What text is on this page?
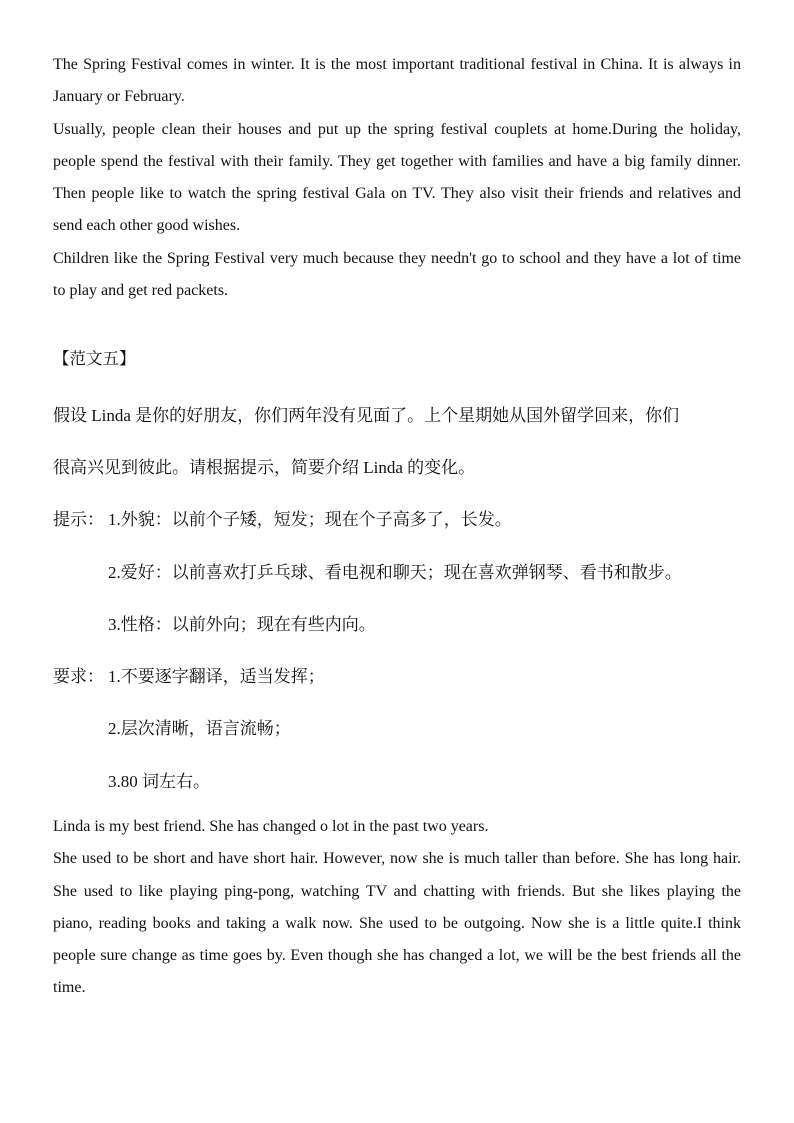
The Spring Festival comes in winter. It is the most important traditional festival in China. It is always in January or February.

Usually, people clean their houses and put up the spring festival couplets at home.During the holiday, people spend the festival with their family. They get together with families and have a big family dinner. Then people like to watch the spring festival Gala on TV. They also visit their friends and relatives and send each other good wishes.

Children like the Spring Festival very much because they needn't go to school and they have a lot of time to play and get red packets.

【范文五】
假设 Linda 是你的好朋友，你们两年没有见面了。上个星期她从国外留学回来，你们
很高兴见到彼此。请根据提示，简要介绍 Linda 的变化。
提示： 1.外貌：以前个子矮，短发；现在个子高多了，长发。
2.爱好：以前喜欢打乒乓球、看电视和聊天；现在喜欢弹钢琴、看书和散步。
3.性格：以前外向；现在有些内向。
要求： 1.不要逐字翻译，适当发挥；
2.层次清晰，语言流畅；
3.80 词左右。

Linda is my best friend. She has changed o lot in the past two years.

She used to be short and have short hair. However, now she is much taller than before. She has long hair. She used to like playing ping-pong, watching TV and chatting with friends. But she likes playing the piano, reading books and taking a walk now. She used to be outgoing. Now she is a little quite.I think people sure change as time goes by. Even though she has changed a lot, we will be the best friends all the time.
